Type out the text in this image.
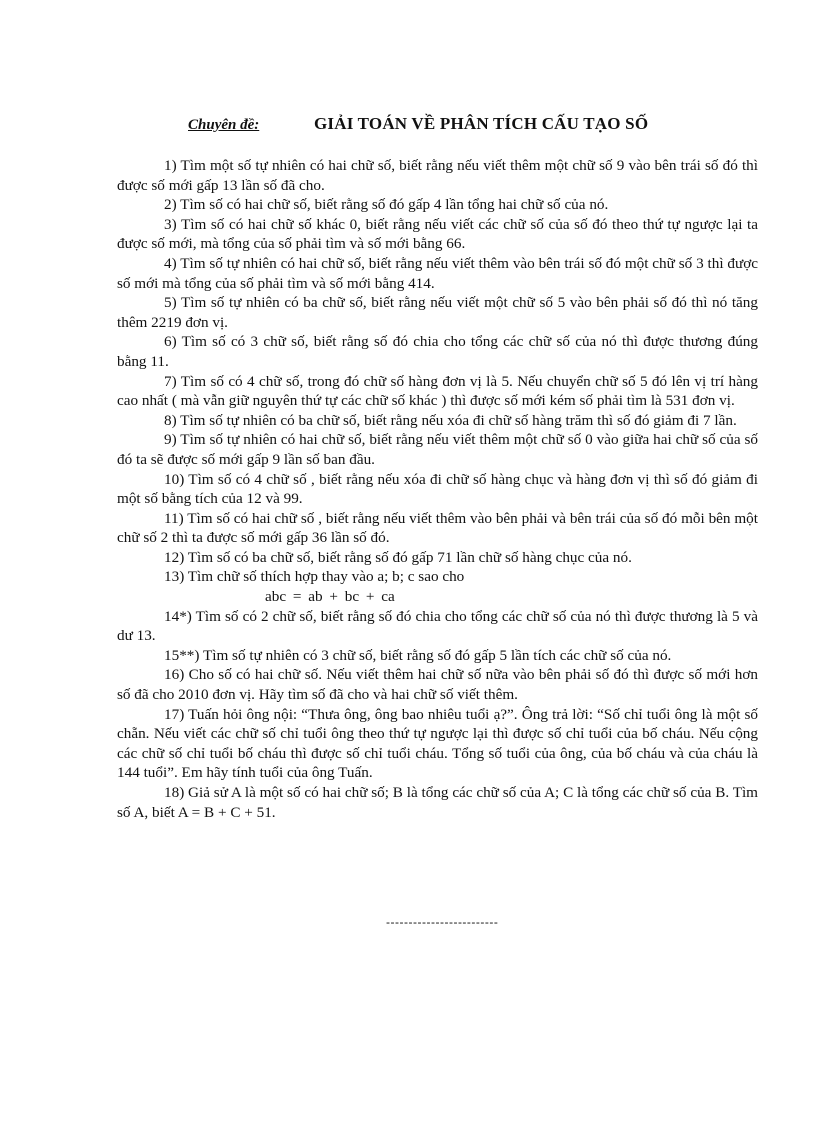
Chuyên đề:	GIẢI TOÁN VỀ PHÂN TÍCH CẤU TẠO SỐ

1) Tìm một số tự nhiên có hai chữ số, biết rằng nếu viết thêm một chữ số 9 vào bên trái số đó thì được số mới gấp 13 lần số đã cho.

2) Tìm số có hai chữ số, biết rằng số đó gấp 4 lần tổng hai chữ số của nó.

3) Tìm số có hai chữ số khác 0, biết rằng nếu viết các chữ số của số đó theo thứ tự ngược lại ta được số mới, mà tổng của số phải tìm và số mới bằng 66.

4) Tìm số tự nhiên có hai chữ số, biết rằng nếu viết thêm vào bên trái số đó một chữ số 3 thì được số mới mà tổng của số phải tìm và số mới bằng 414.

5) Tìm số tự nhiên có ba chữ số, biết rằng nếu viết một chữ số 5 vào bên phải số đó thì nó tăng thêm 2219 đơn vị.

6) Tìm số có 3 chữ số, biết rằng số đó chia cho tổng các chữ số của nó thì được thương đúng bằng 11.

7) Tìm số có 4 chữ số, trong đó chữ số hàng đơn vị là 5. Nếu chuyển chữ số 5 đó lên vị trí hàng cao nhất ( mà vẫn giữ nguyên thứ tự các chữ số khác ) thì được số mới kém số phải tìm là 531 đơn vị.

8) Tìm số tự nhiên có ba chữ số, biết rằng nếu xóa đi chữ số hàng trăm thì số đó giảm đi 7 lần.

9) Tìm số tự nhiên có hai chữ số, biết rằng nếu viết thêm một chữ số 0 vào giữa hai chữ số của số đó ta sẽ được số mới gấp 9 lần số ban đầu.

10) Tìm số có 4 chữ số , biết rằng nếu xóa đi chữ số hàng chục và hàng đơn vị thì số đó giảm đi một số bằng tích của 12 và 99.

11) Tìm số có hai chữ số , biết rằng nếu viết thêm vào bên phải và bên trái của số đó mỗi bên một chữ số 2 thì ta được số mới gấp 36 lần số đó.

12) Tìm số có ba chữ số, biết rằng số đó gấp 71 lần chữ số hàng chục của nó.

13) Tìm chữ số thích hợp thay vào a; b; c sao cho

abc = ab + bc + ca

14*) Tìm số có 2 chữ số, biết rằng số đó chia cho tổng các chữ số của nó thì được thương là 5 và dư 13.

15**) Tìm số tự nhiên có 3 chữ số, biết rằng số đó gấp 5 lần tích các chữ số của nó.

16) Cho số có hai chữ số. Nếu viết thêm hai chữ số nữa vào bên phải số đó thì được số mới hơn số đã cho 2010 đơn vị. Hãy tìm số đã cho và hai chữ số viết thêm.

17) Tuấn hỏi ông nội: “Thưa ông, ông bao nhiêu tuổi ạ?”. Ông trả lời: “Số chỉ tuổi ông là một số chẵn. Nếu viết các chữ số chỉ tuổi ông theo thứ tự ngược lại thì được số chỉ tuổi của bố cháu. Nếu cộng các chữ số chỉ tuổi bố cháu thì được số chỉ tuổi cháu. Tổng số tuổi của ông, của bố cháu và của cháu là 144 tuổi”. Em hãy tính tuổi của ông Tuấn.

18) Giả sử A là một số có hai chữ số; B là tổng các chữ số của A; C là tổng các chữ số của B. Tìm số A, biết A = B + C + 51.

-------------------------
